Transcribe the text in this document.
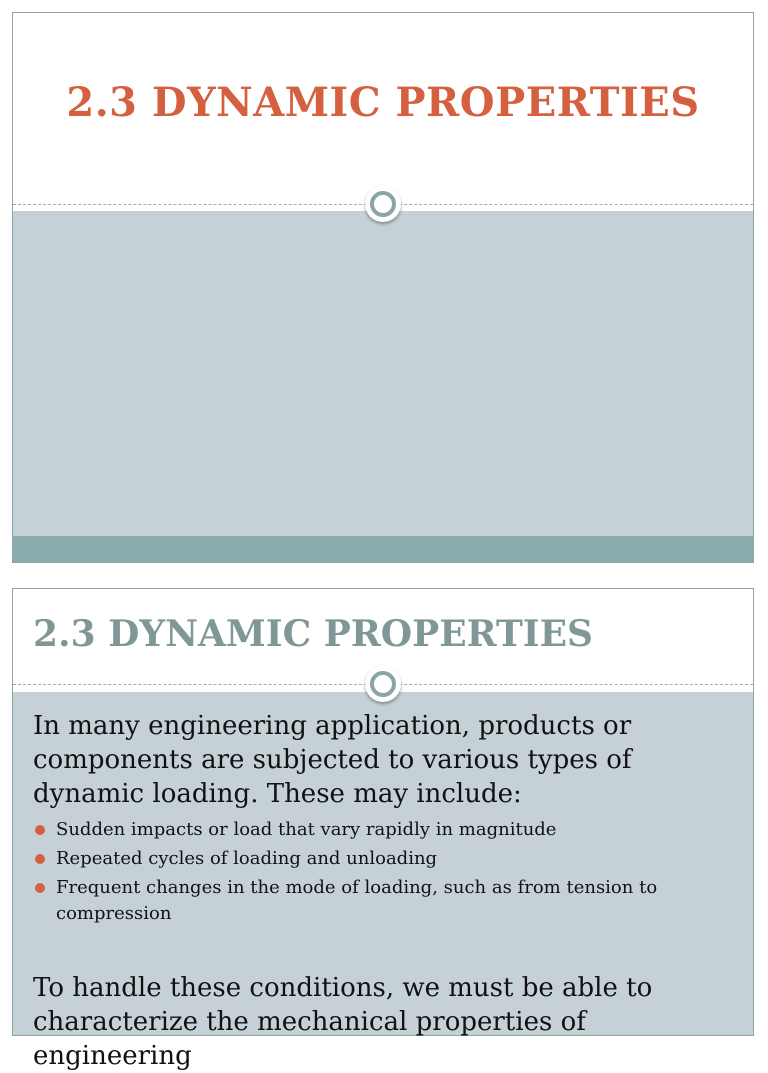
2.3 DYNAMIC PROPERTIES
2.3 DYNAMIC PROPERTIES

In many engineering application, products or components are subjected to various types of dynamic loading. These may include:

Sudden impacts or load that vary rapidly in magnitude
Repeated cycles of loading and unloading
Frequent changes in the mode of loading, such as from tension to compression

To handle these conditions, we must be able to characterize the mechanical properties of engineering
